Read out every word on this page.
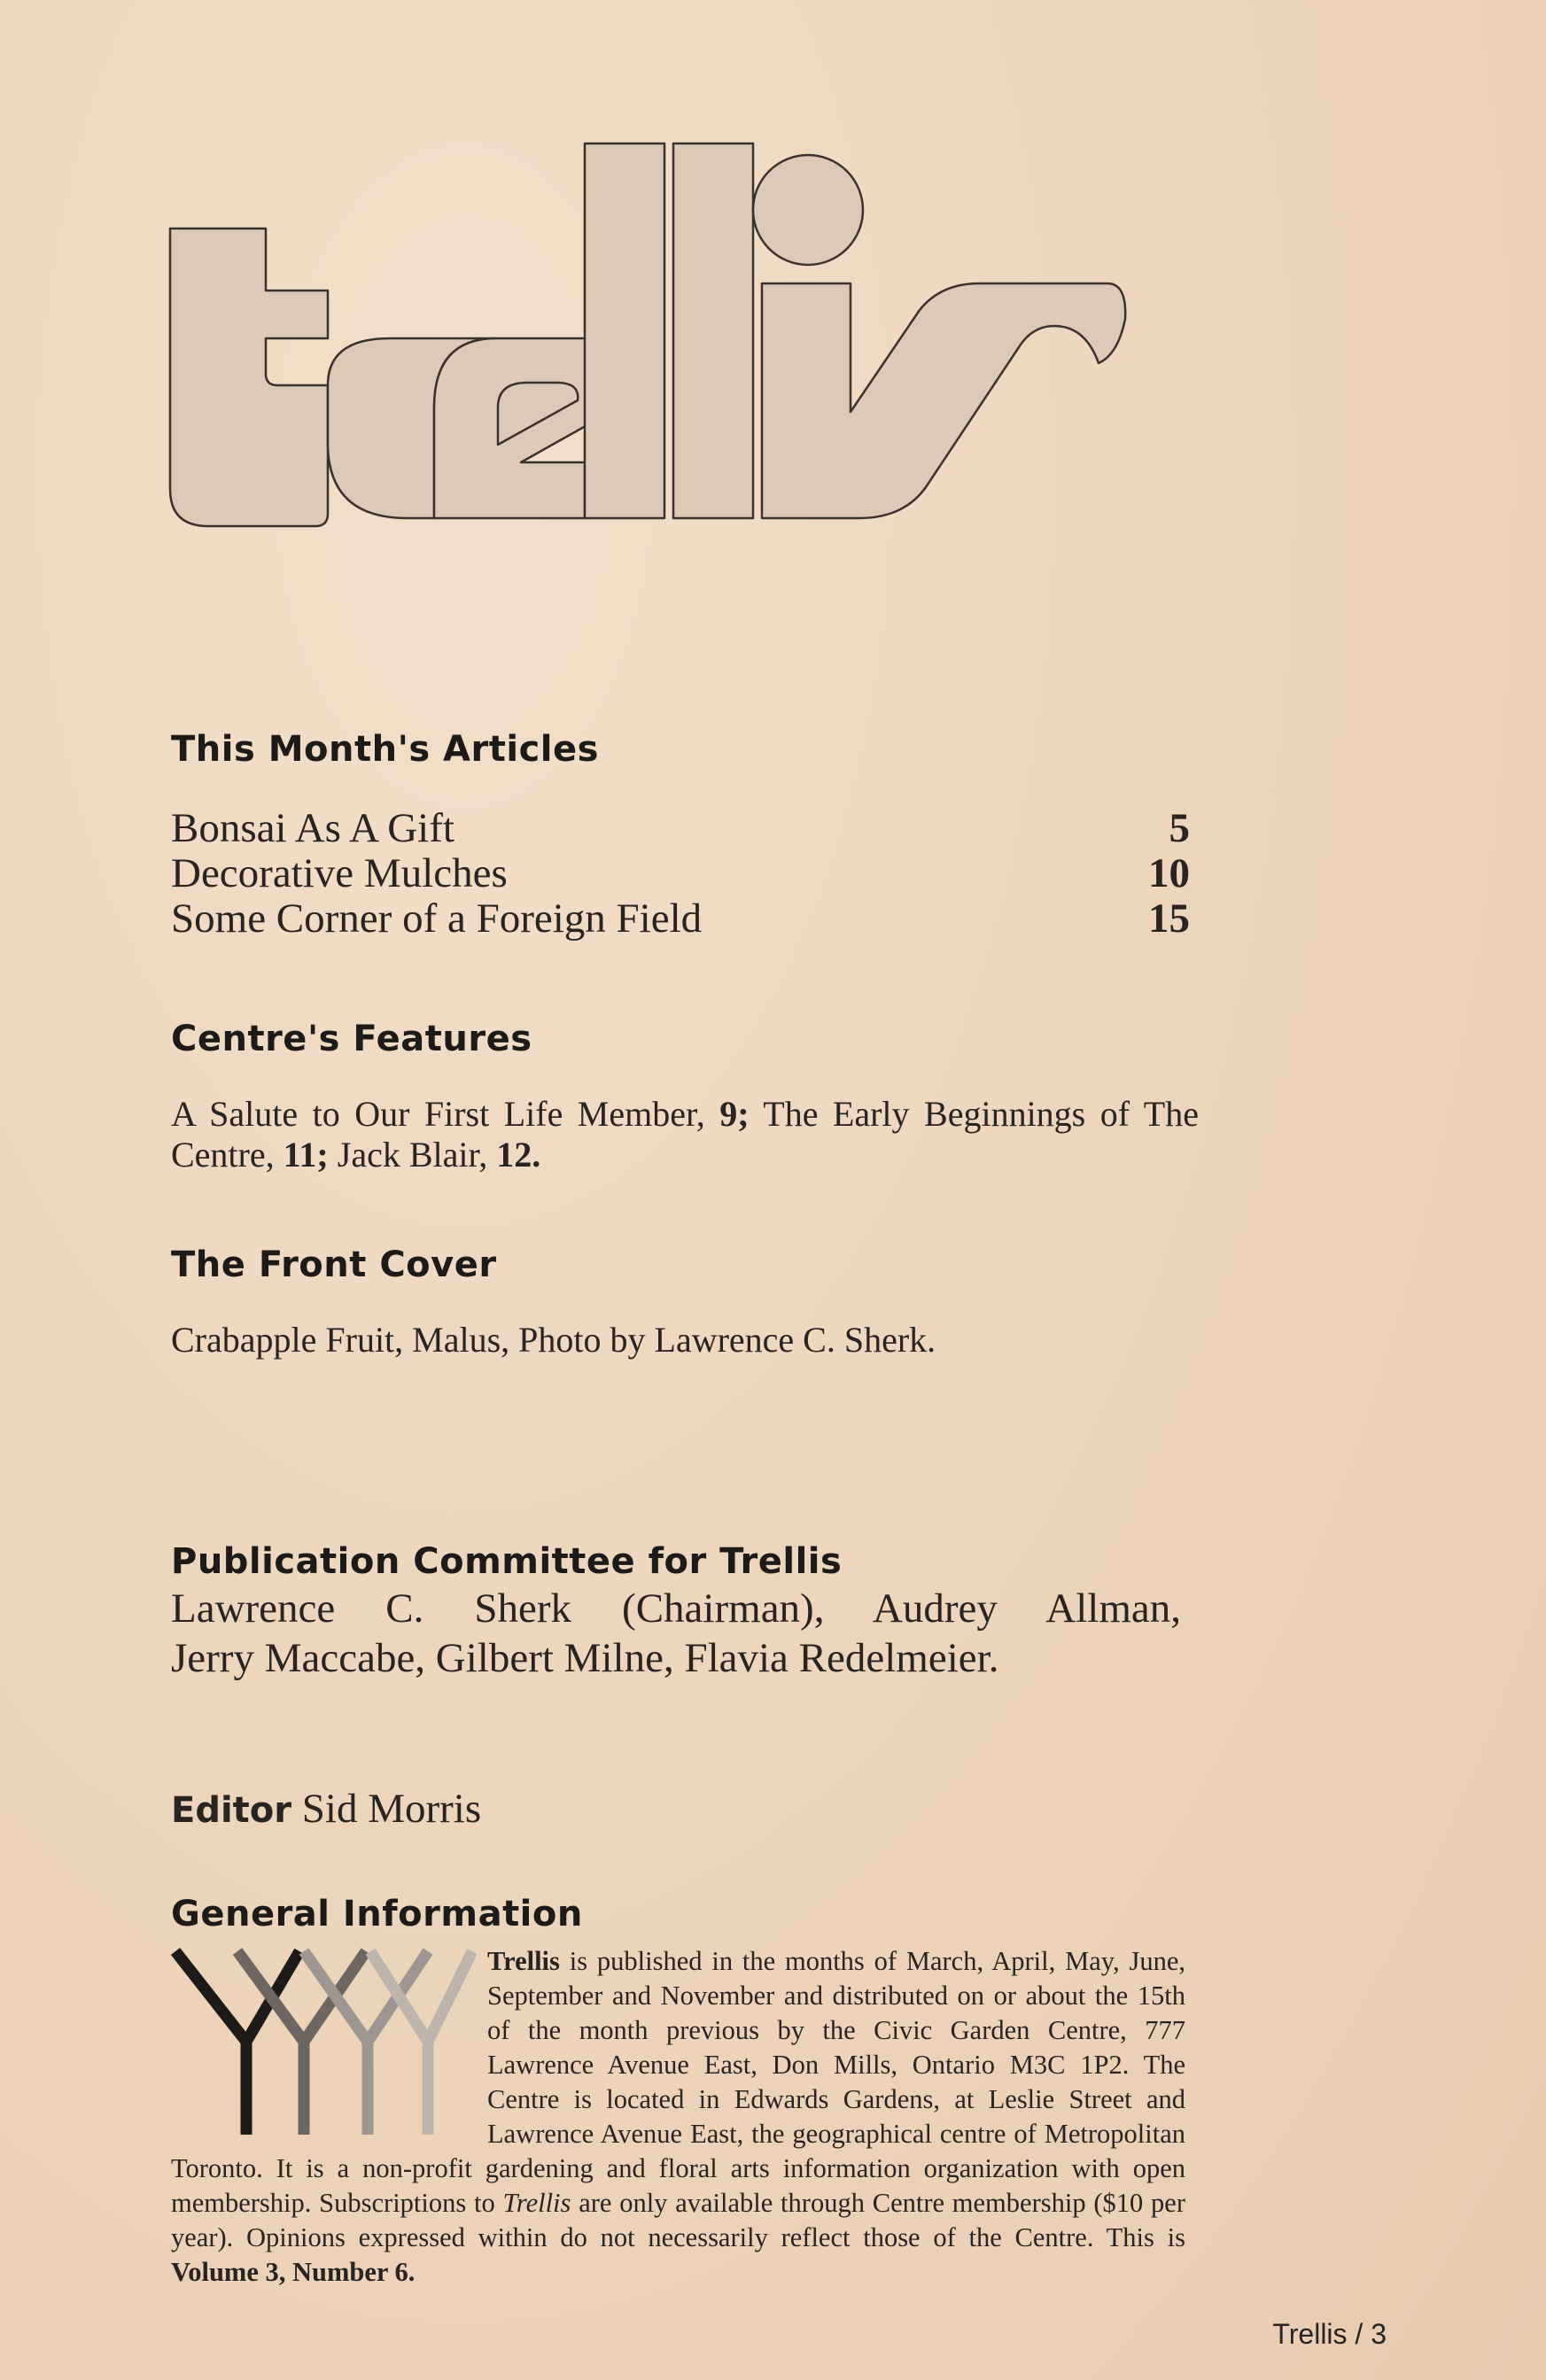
This Month's Articles
Bonsai As A Gift	5
Decorative Mulches	10
Some Corner of a Foreign Field	15
Centre's Features
A Salute to Our First Life Member, 9; The Early Beginnings of The Centre, 11; Jack Blair, 12.
The Front Cover
Crabapple Fruit, Malus, Photo by Lawrence C. Sherk.
Publication Committee for Trellis
Lawrence C. Sherk (Chairman), Audrey Allman,
Jerry Maccabe, Gilbert Milne, Flavia Redelmeier.
Editor Sid Morris
General Information
Trellis is published in the months of March, April, May, June, September and November and distributed on or about the 15th of the month previous by the Civic Garden Centre, 777 Lawrence Avenue East, Don Mills, Ontario M3C 1P2. The Centre is located in Edwards Gardens, at Leslie Street and Lawrence Avenue East, the geographical centre of Metropolitan Toronto. It is a non-profit gardening and floral arts information organization with open membership. Subscriptions to Trellis are only available through Centre membership ($10 per year). Opinions expressed within do not necessarily reflect those of the Centre. This is Volume 3, Number 6.
Trellis / 3
